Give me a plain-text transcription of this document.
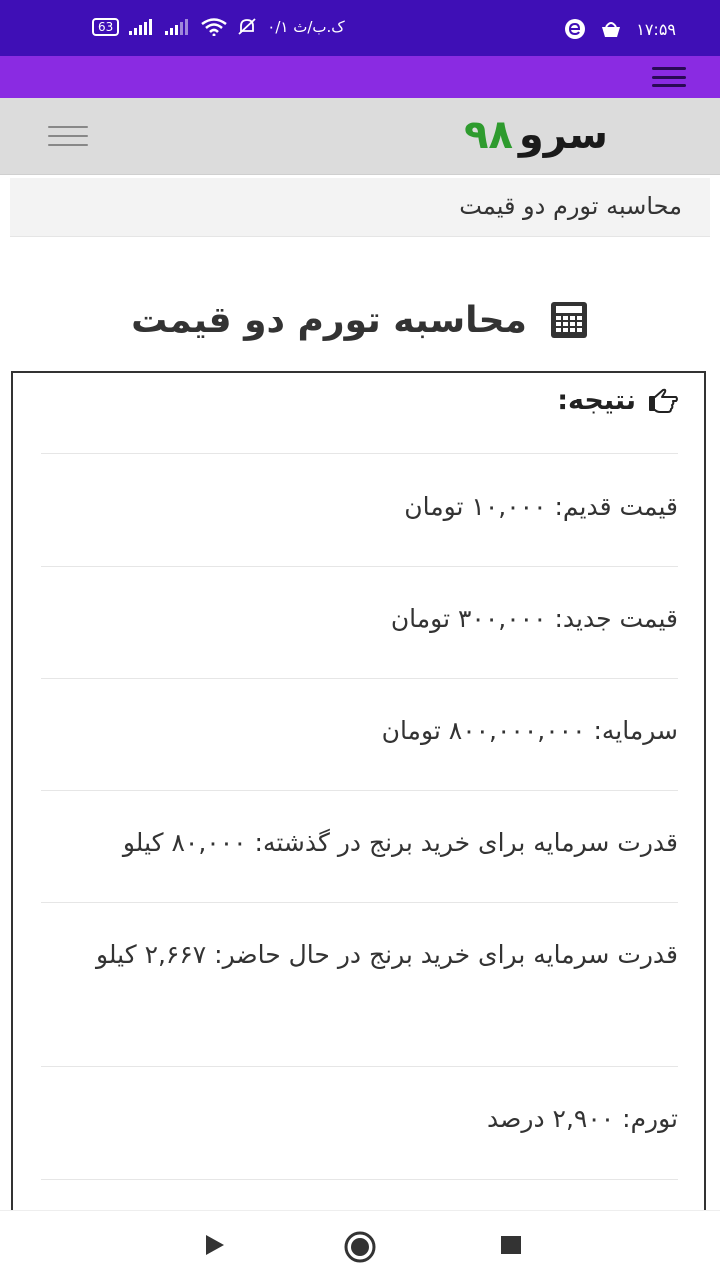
63	۰/۱ ک.ب/ث	۱۷:۵۹
سرو۹۸
محاسبه تورم دو قیمت
محاسبه تورم دو قیمت
نتیجه:
قیمت قدیم: ۱۰,۰۰۰ تومان
قیمت جدید: ۳۰۰,۰۰۰ تومان
سرمایه: ۸۰۰,۰۰۰,۰۰۰ تومان
قدرت سرمایه برای خرید برنج در گذشته: ۸۰,۰۰۰ کیلو
قدرت سرمایه برای خرید برنج در حال حاضر: ۲,۶۶۷ کیلو
تورم: ۲,۹۰۰ درصد
